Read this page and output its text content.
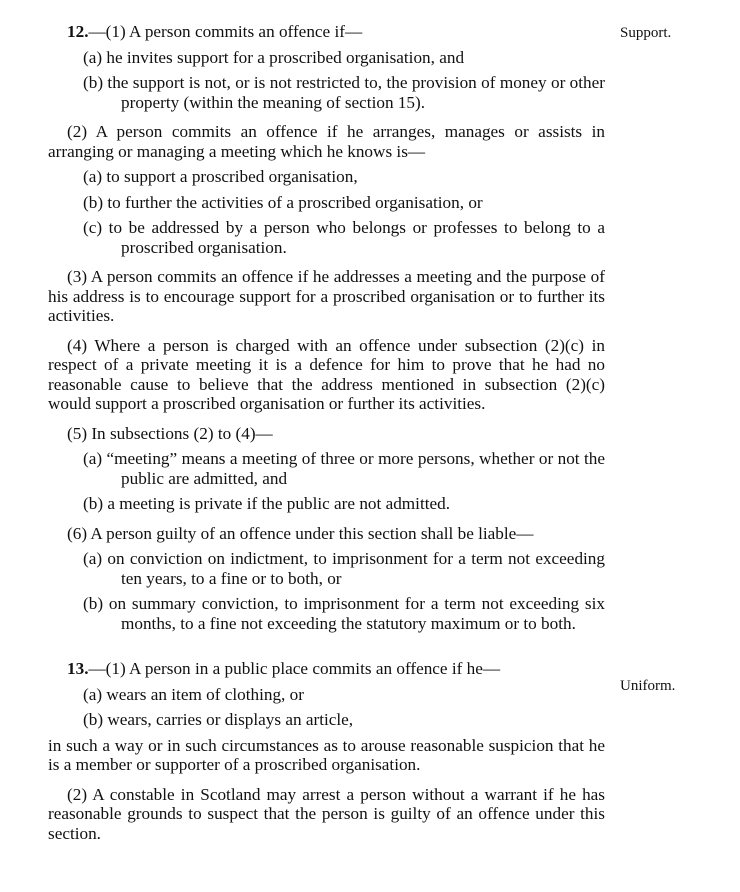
Support.
Uniform.

12.—(1) A person commits an offence if—

(a) he invites support for a proscribed organisation, and

(b) the support is not, or is not restricted to, the provision of money or other property (within the meaning of section 15).

(2) A person commits an offence if he arranges, manages or assists in arranging or managing a meeting which he knows is—

(a) to support a proscribed organisation,

(b) to further the activities of a proscribed organisation, or

(c) to be addressed by a person who belongs or professes to belong to a proscribed organisation.

(3) A person commits an offence if he addresses a meeting and the purpose of his address is to encourage support for a proscribed organisation or to further its activities.

(4) Where a person is charged with an offence under subsection (2)(c) in respect of a private meeting it is a defence for him to prove that he had no reasonable cause to believe that the address mentioned in subsection (2)(c) would support a proscribed organisation or further its activities.

(5) In subsections (2) to (4)—

(a) “meeting” means a meeting of three or more persons, whether or not the public are admitted, and

(b) a meeting is private if the public are not admitted.

(6) A person guilty of an offence under this section shall be liable—

(a) on conviction on indictment, to imprisonment for a term not exceeding ten years, to a fine or to both, or

(b) on summary conviction, to imprisonment for a term not exceeding six months, to a fine not exceeding the statutory maximum or to both.

13.—(1) A person in a public place commits an offence if he—

(a) wears an item of clothing, or

(b) wears, carries or displays an article,

in such a way or in such circumstances as to arouse reasonable suspicion that he is a member or supporter of a proscribed organisation.

(2) A constable in Scotland may arrest a person without a warrant if he has reasonable grounds to suspect that the person is guilty of an offence under this section.
